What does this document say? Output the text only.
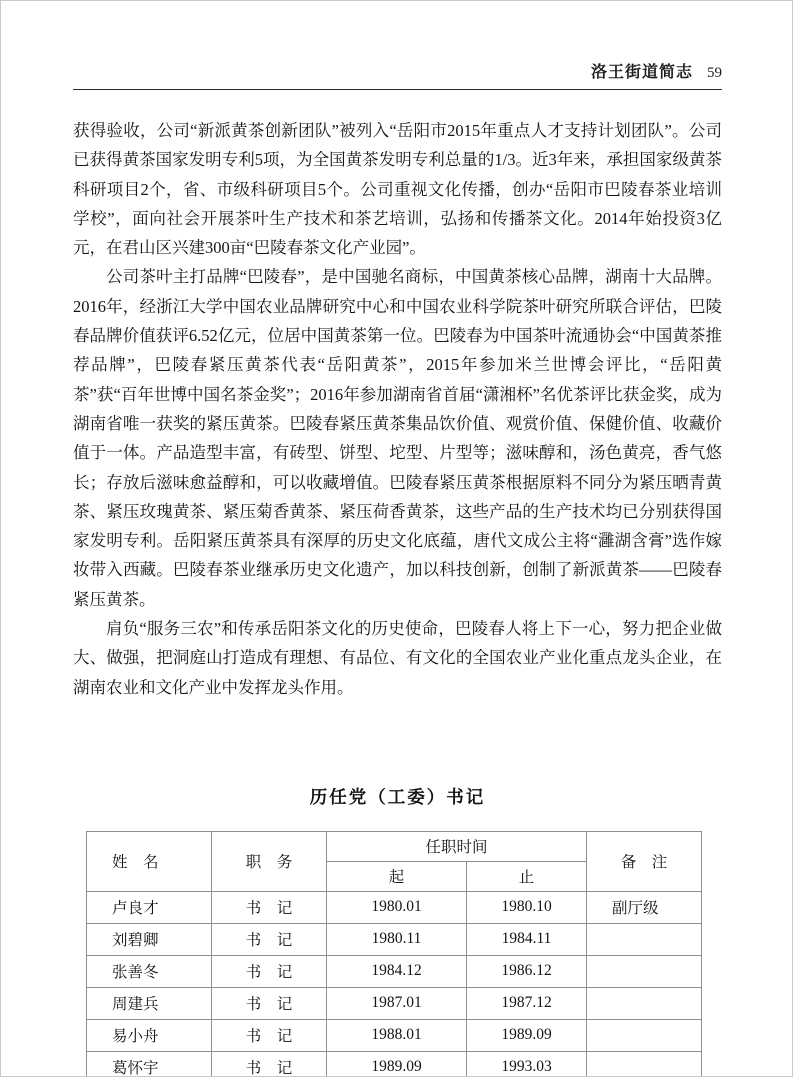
洛王街道简志 59

获得验收，公司“新派黄茶创新团队”被列入“岳阳市2015年重点人才支持计划团队”。公司已获得黄茶国家发明专利5项，为全国黄茶发明专利总量的1/3。近3年来，承担国家级黄茶科研项目2个，省、市级科研项目5个。公司重视文化传播，创办“岳阳市巴陵春茶业培训学校”，面向社会开展茶叶生产技术和茶艺培训，弘扬和传播茶文化。2014年始投资3亿元，在君山区兴建300亩“巴陵春茶文化产业园”。

公司茶叶主打品牌“巴陵春”，是中国驰名商标，中国黄茶核心品牌，湖南十大品牌。2016年，经浙江大学中国农业品牌研究中心和中国农业科学院茶叶研究所联合评估，巴陵春品牌价值获评6.52亿元，位居中国黄茶第一位。巴陵春为中国茶叶流通协会“中国黄茶推荐品牌”，巴陵春紧压黄茶代表“岳阳黄茶”，2015年参加米兰世博会评比，“岳阳黄茶”获“百年世博中国名茶金奖”；2016年参加湖南省首届“潇湘杯”名优茶评比获金奖，成为湖南省唯一获奖的紧压黄茶。巴陵春紧压黄茶集品饮价值、观赏价值、保健价值、收藏价值于一体。产品造型丰富，有砖型、饼型、坨型、片型等；滋味醇和，汤色黄亮，香气悠长；存放后滋味愈益醇和，可以收藏增值。巴陵春紧压黄茶根据原料不同分为紧压晒青黄茶、紧压玫瑰黄茶、紧压菊香黄茶、紧压荷香黄茶，这些产品的生产技术均已分别获得国家发明专利。岳阳紧压黄茶具有深厚的历史文化底蕴，唐代文成公主将“灉湖含膏”选作嫁妆带入西藏。巴陵春茶业继承历史文化遗产，加以科技创新，创制了新派黄茶——巴陵春紧压黄茶。

肩负“服务三农”和传承岳阳茶文化的历史使命，巴陵春人将上下一心，努力把企业做大、做强，把洞庭山打造成有理想、有品位、有文化的全国农业产业化重点龙头企业，在湖南农业和文化产业中发挥龙头作用。

历任党（工委）书记
姓　名	职　务	任职时间		备　注
		起	止	
卢良才	书　记	1980.01	1980.10	副厅级
刘碧卿	书　记	1980.11	1984.11	
张善冬	书　记	1984.12	1986.12	
周建兵	书　记	1987.01	1987.12	
易小舟	书　记	1988.01	1989.09	
葛怀宇	书　记	1989.09	1993.03	
